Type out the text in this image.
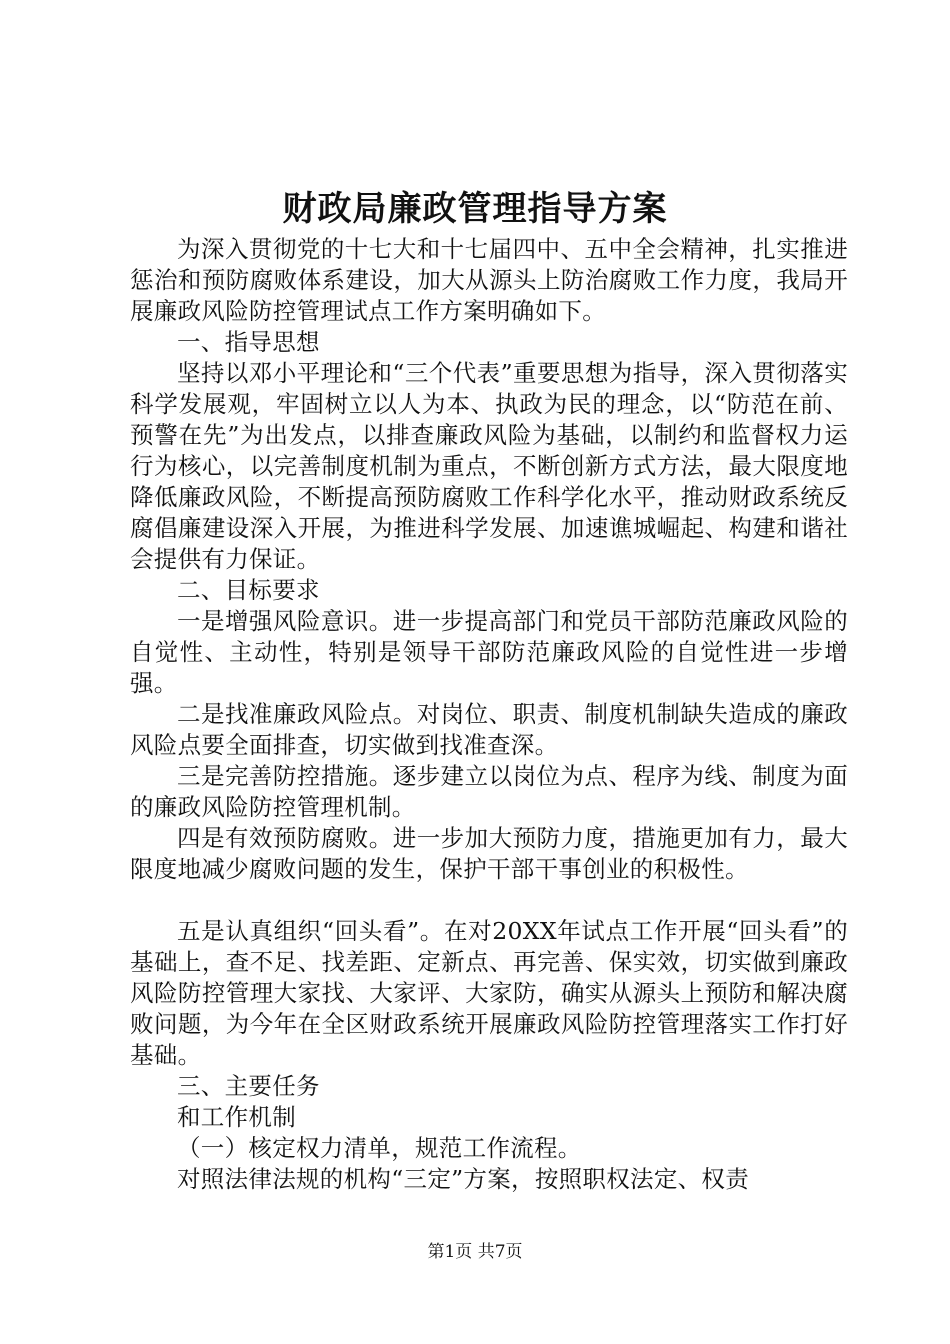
财政局廉政管理指导方案

为深入贯彻党的十七大和十七届四中、五中全会精神，扎实推进惩治和预防腐败体系建设，加大从源头上防治腐败工作力度，我局开展廉政风险防控管理试点工作方案明确如下。

一、指导思想

坚持以邓小平理论和“三个代表”重要思想为指导，深入贯彻落实科学发展观，牢固树立以人为本、执政为民的理念，以“防范在前、预警在先”为出发点，以排查廉政风险为基础，以制约和监督权力运行为核心，以完善制度机制为重点，不断创新方式方法，最大限度地降低廉政风险，不断提高预防腐败工作科学化水平，推动财政系统反腐倡廉建设深入开展，为推进科学发展、加速谯城崛起、构建和谐社会提供有力保证。

二、目标要求

一是增强风险意识。进一步提高部门和党员干部防范廉政风险的自觉性、主动性，特别是领导干部防范廉政风险的自觉性进一步增强。

二是找准廉政风险点。对岗位、职责、制度机制缺失造成的廉政风险点要全面排查，切实做到找准查深。

三是完善防控措施。逐步建立以岗位为点、程序为线、制度为面的廉政风险防控管理机制。

四是有效预防腐败。进一步加大预防力度，措施更加有力，最大限度地减少腐败问题的发生，保护干部干事创业的积极性。

五是认真组织“回头看”。在对20XX年试点工作开展“回头看”的基础上，查不足、找差距、定新点、再完善、保实效，切实做到廉政风险防控管理大家找、大家评、大家防，确实从源头上预防和解决腐败问题，为今年在全区财政系统开展廉政风险防控管理落实工作打好基础。

三、主要任务

和工作机制

（一）核定权力清单，规范工作流程。

对照法律法规的机构“三定”方案，按照职权法定、权责

第1页 共7页
